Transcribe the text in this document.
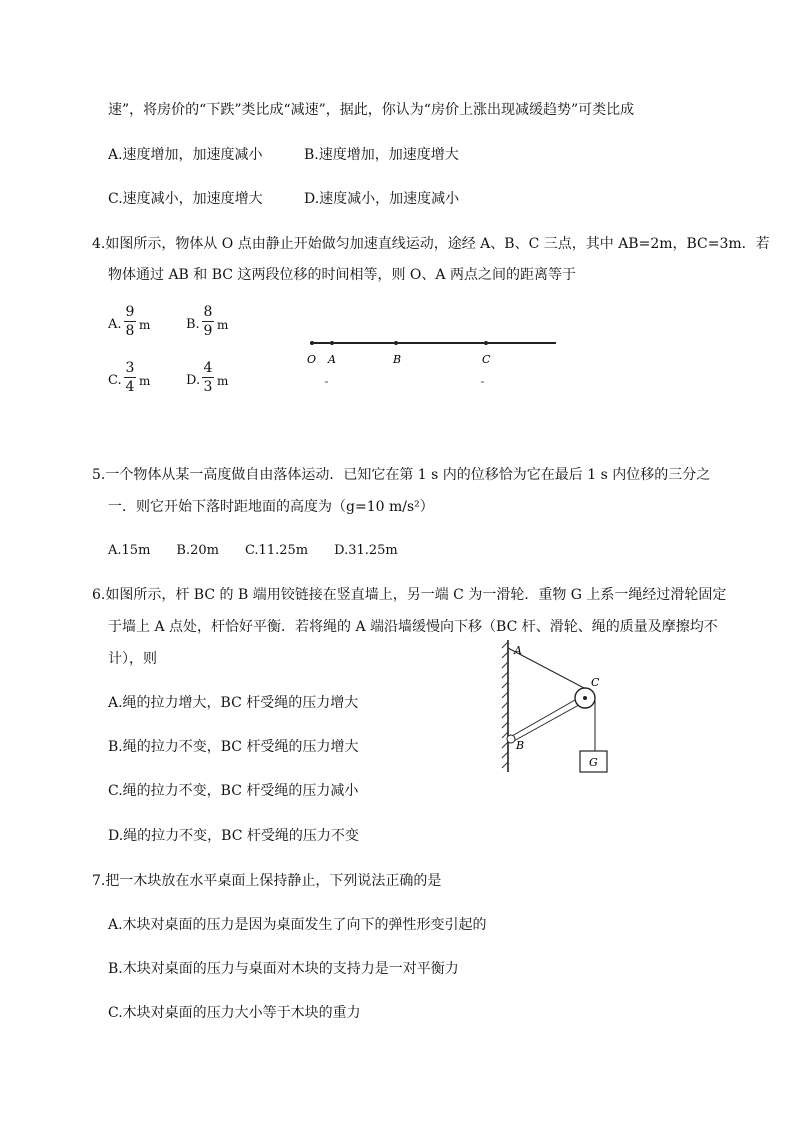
速”，将房价的“下跌”类比成“减速”，据此，你认为“房价上涨出现减缓趋势”可类比成
A.速度增加，加速度减小	B.速度增加，加速度增大
C.速度减小，加速度增大	D.速度减小，加速度减小
4.如图所示，物体从 O 点由静止开始做匀加速直线运动，途经 A、B、C 三点，其中 AB=2m，BC=3m．若
物体通过 AB 和 BC 这两段位移的时间相等，则 O、A 两点之间的距离等于
A.
9
8 m	B.
8
9 m
C.
3
4 m	D.
4
3 m
O A	B	C
5.一个物体从某一高度做自由落体运动．已知它在第 1 s 内的位移恰为它在最后 1 s 内位移的三分之
一．则它开始下落时距地面的高度为（g=10 m/s²）
A.15m　　B.20m　　C.11.25m　　D.31.25m
6.如图所示，杆 BC 的 B 端用铰链接在竖直墙上，另一端 C 为一滑轮．重物 G 上系一绳经过滑轮固定
于墙上 A 点处，杆恰好平衡．若将绳的 A 端沿墙缓慢向下移（BC 杆、滑轮、绳的质量及摩擦均不
计），则
A.绳的拉力增大，BC 杆受绳的压力增大
B.绳的拉力不变，BC 杆受绳的压力增大
C.绳的拉力不变，BC 杆受绳的压力减小
D.绳的拉力不变，BC 杆受绳的压力不变
A
B
C
G
7.把一木块放在水平桌面上保持静止，下列说法正确的是
A.木块对桌面的压力是因为桌面发生了向下的弹性形变引起的
B.木块对桌面的压力与桌面对木块的支持力是一对平衡力
C.木块对桌面的压力大小等于木块的重力
